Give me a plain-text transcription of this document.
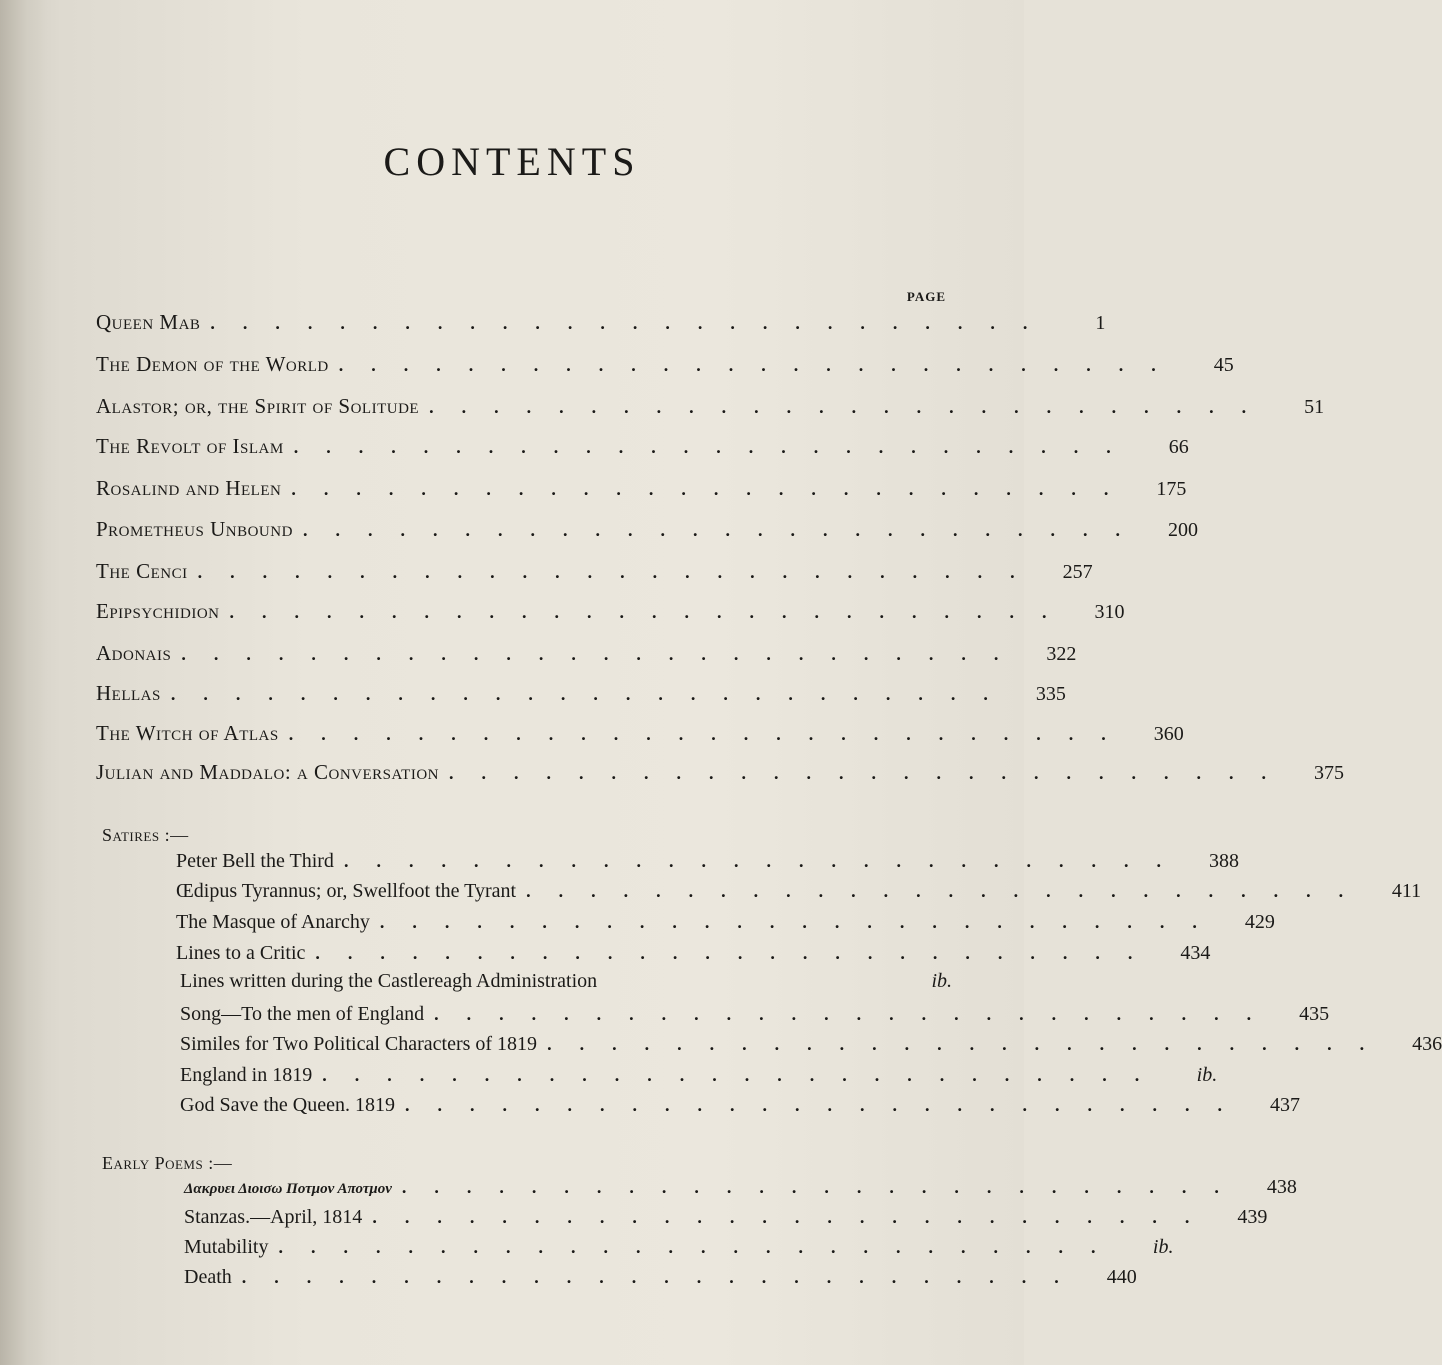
CONTENTS
PAGE
Queen Mab ..........................	1
The Demon of the World ..........................	45
Alastor; or, the Spirit of Solitude ..........................	51
The Revolt of Islam ..........................	66
Rosalind and Helen ..........................	175
Prometheus Unbound ..........................	200
The Cenci ..........................	257
Epipsychidion ..........................	310
Adonais ..........................	322
Hellas ..........................	335
The Witch of Atlas ..........................	360
Julian and Maddalo: a Conversation ..........................	375
Satires :—
Peter Bell the Third ..........................	388
Œdipus Tyrannus; or, Swellfoot the Tyrant ..........................	411
The Masque of Anarchy ..........................	429
Lines to a Critic ..........................	434
Lines written during the Castlereagh Administration	ib.
Song—To the men of England ..........................	435
Similes for Two Political Characters of 1819 ..........................	436
England in 1819 ..........................	ib.
God Save the Queen. 1819 ..........................	437
Early Poems :—
Δακρυει Διοισω Ποτμον Αποτμον ..........................	438
Stanzas.—April, 1814 ..........................	439
Mutability ..........................	ib.
Death ..........................	440
